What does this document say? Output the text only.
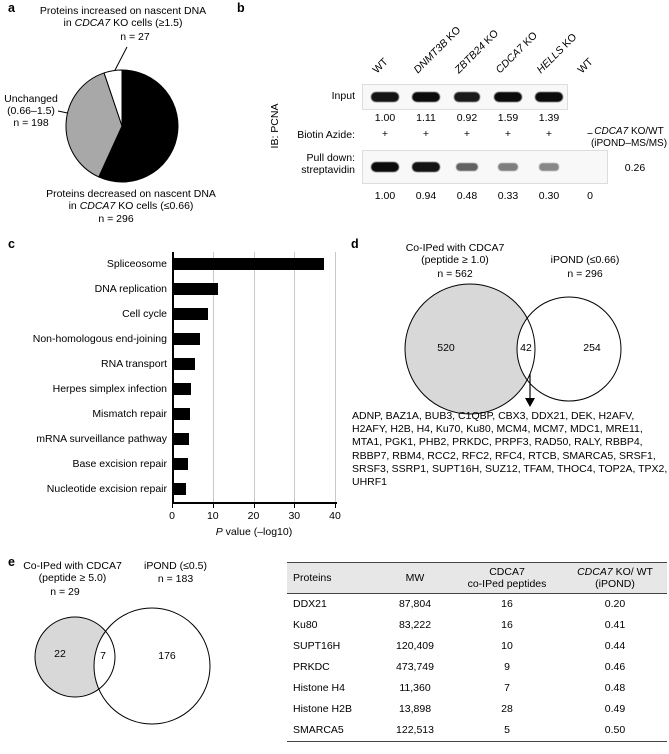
a	Proteins increased on nascent DNA
in CDCA7 KO cells (≥1.5)
n = 27
Unchanged
(0.66–1.5)
n = 198
Proteins decreased on nascent DNA
in CDCA7 KO cells (≤0.66)
n = 296
b
IB: PCNA
Input
Biotin Azide:	CDCA7 KO/WT
(iPOND–MS/MS)
Pull down:
streptavidin	0.26
WT DNMT3B KO
ZBTB24 KO
CDCA7 KO
HELLS KO
WT
1.00	1.11	0.92	1.59	1.39
+	+	+	+	+	−
1.00	0.94	0.48	0.33	0.30	0
c
P value (–log10)
Spliceosome
DNA replication
Cell cycle
Non-homologous end-joining
RNA transport
Herpes simplex infection
Mismatch repair
mRNA surveillance pathway
Base excision repair
Nucleotide excision repair
0	10	20	30	40
d	Co-IPed with CDCA7
(peptide ≥ 1.0)
n = 562
iPOND (≤0.66)
n = 296
520	42	254
ADNP, BAZ1A, BUB3, C1QBP, CBX3, DDX21, DEK, H2AFV, H2AFY, H2B, H4, Ku70, Ku80, MCM4, MCM7, MDC1, MRE11, MTA1, PGK1, PHB2, PRKDC, PRPF3, RAD50, RALY, RBBP4, RBBP7, RBM4, RCC2, RFC2, RFC4, RTCB, SMARCA5, SRSF1, SRSF3, SSRP1, SUPT16H, SUZ12, TFAM, THOC4, TOP2A, TPX2, UHRF1
e Co-IPed with CDCA7
(peptide ≥ 5.0)
n = 29
iPOND (≤0.5)
n = 183
22	7	176
Proteins	MW	CDCA7
co-IPed peptides

CDCA7 KO/ WT
(iPOND)

DDX21	87,804	16	0.20
Ku80	83,222	16	0.41
SUPT16H	120,409	10	0.44
PRKDC	473,749	9	0.46
Histone H4	11,360	7	0.48
Histone H2B	13,898	28	0.49
SMARCA5	122,513	5	0.50
